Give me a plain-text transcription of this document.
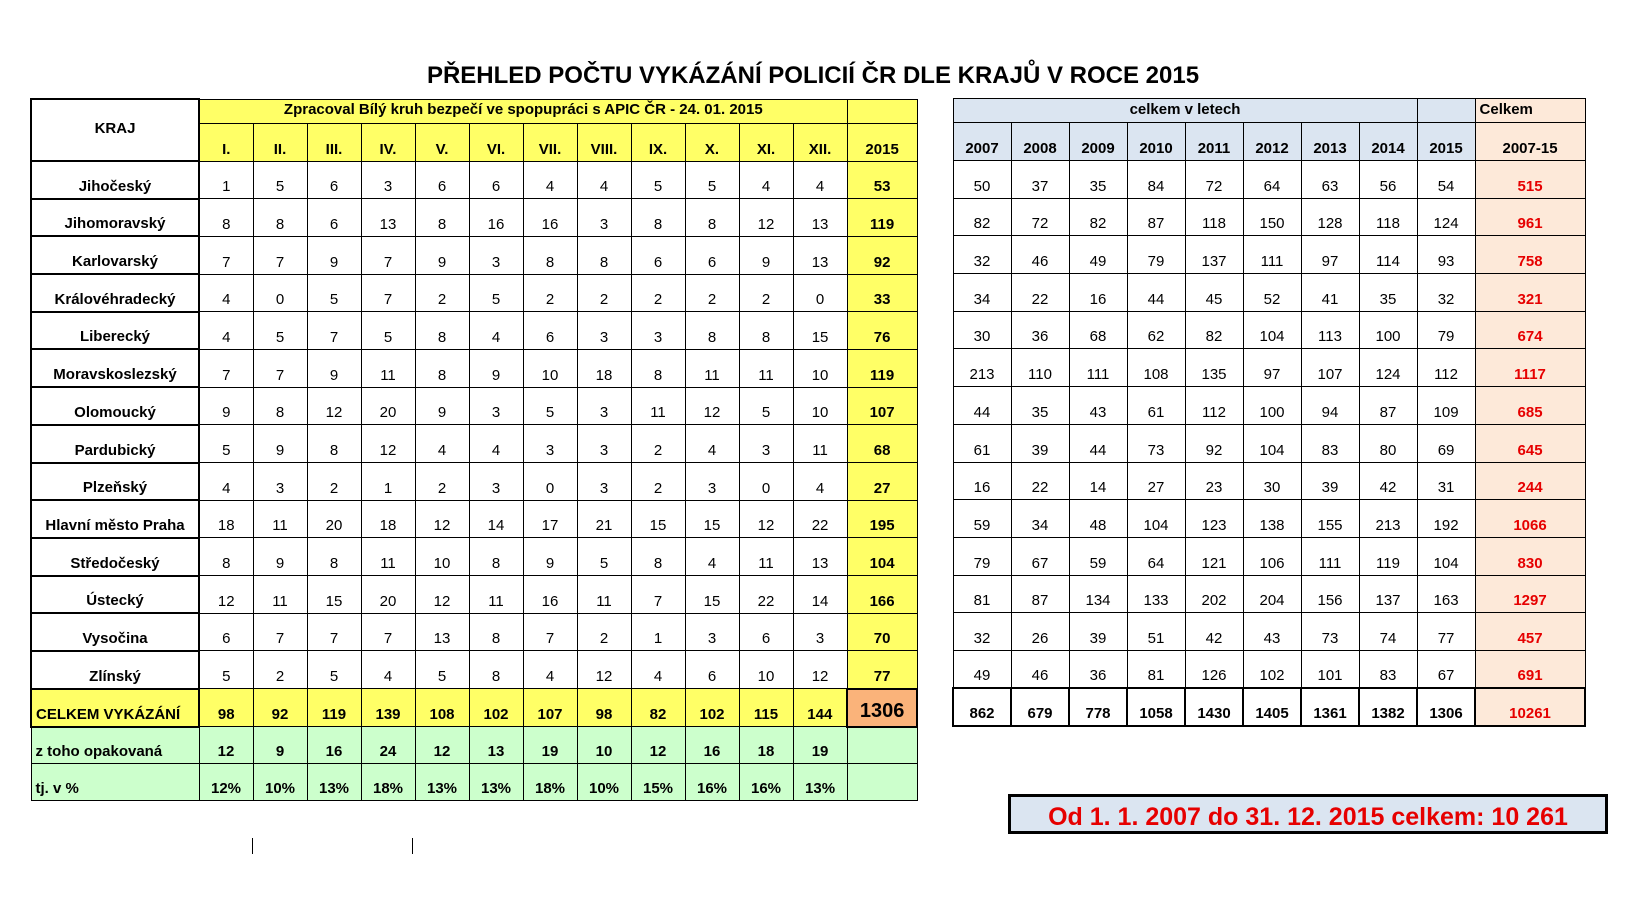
PŘEHLED POČTU VYKÁZÁNÍ POLICIÍ ČR DLE KRAJŮ V ROCE 2015
KRAJ	Zpracoval Bílý kruh bezpečí ve spopupráci s APIC ČR - 24. 01. 2015												
	I.	II.	III.	IV.	V.	VI.	VII.	VIII.	IX.	X.	XI.	XII.	2015
Jihočeský	1	5	6	3	6	6	4	4	5	5	4	4	53
Jihomoravský	8	8	6	13	8	16	16	3	8	8	12	13	119
Karlovarský	7	7	9	7	9	3	8	8	6	6	9	13	92
Královéhradecký	4	0	5	7	2	5	2	2	2	2	2	0	33
Liberecký	4	5	7	5	8	4	6	3	3	8	8	15	76
Moravskoslezský	7	7	9	11	8	9	10	18	8	11	11	10	119
Olomoucký	9	8	12	20	9	3	5	3	11	12	5	10	107
Pardubický	5	9	8	12	4	4	3	3	2	4	3	11	68
Plzeňský	4	3	2	1	2	3	0	3	2	3	0	4	27
Hlavní město Praha	18	11	20	18	12	14	17	21	15	15	12	22	195
Středočeský	8	9	8	11	10	8	9	5	8	4	11	13	104
Ústecký	12	11	15	20	12	11	16	11	7	15	22	14	166
Vysočina	6	7	7	7	13	8	7	2	1	3	6	3	70
Zlínský	5	2	5	4	5	8	4	12	4	6	10	12	77
CELKEM VYKÁZÁNÍ	98	92	119	139	108	102	107	98	82	102	115	144	1306
z toho opakovaná	12	9	16	24	12	13	19	10	12	16	18	19	
tj. v %	12%	10%	13%	18%	13%	13%	18%	10%	15%	16%	16%	13%	
celkem v letech									Celkem
2007	2008	2009	2010	2011	2012	2013	2014	2015	2007-15
50	37	35	84	72	64	63	56	54	515
82	72	82	87	118	150	128	118	124	961
32	46	49	79	137	111	97	114	93	758
34	22	16	44	45	52	41	35	32	321
30	36	68	62	82	104	113	100	79	674
213	110	111	108	135	97	107	124	112	1117
44	35	43	61	112	100	94	87	109	685
61	39	44	73	92	104	83	80	69	645
16	22	14	27	23	30	39	42	31	244
59	34	48	104	123	138	155	213	192	1066
79	67	59	64	121	106	111	119	104	830
81	87	134	133	202	204	156	137	163	1297
32	26	39	51	42	43	73	74	77	457
49	46	36	81	126	102	101	83	67	691
862	679	778	1058	1430	1405	1361	1382	1306	10261
Od 1. 1. 2007 do 31. 12. 2015 celkem: 10 261
